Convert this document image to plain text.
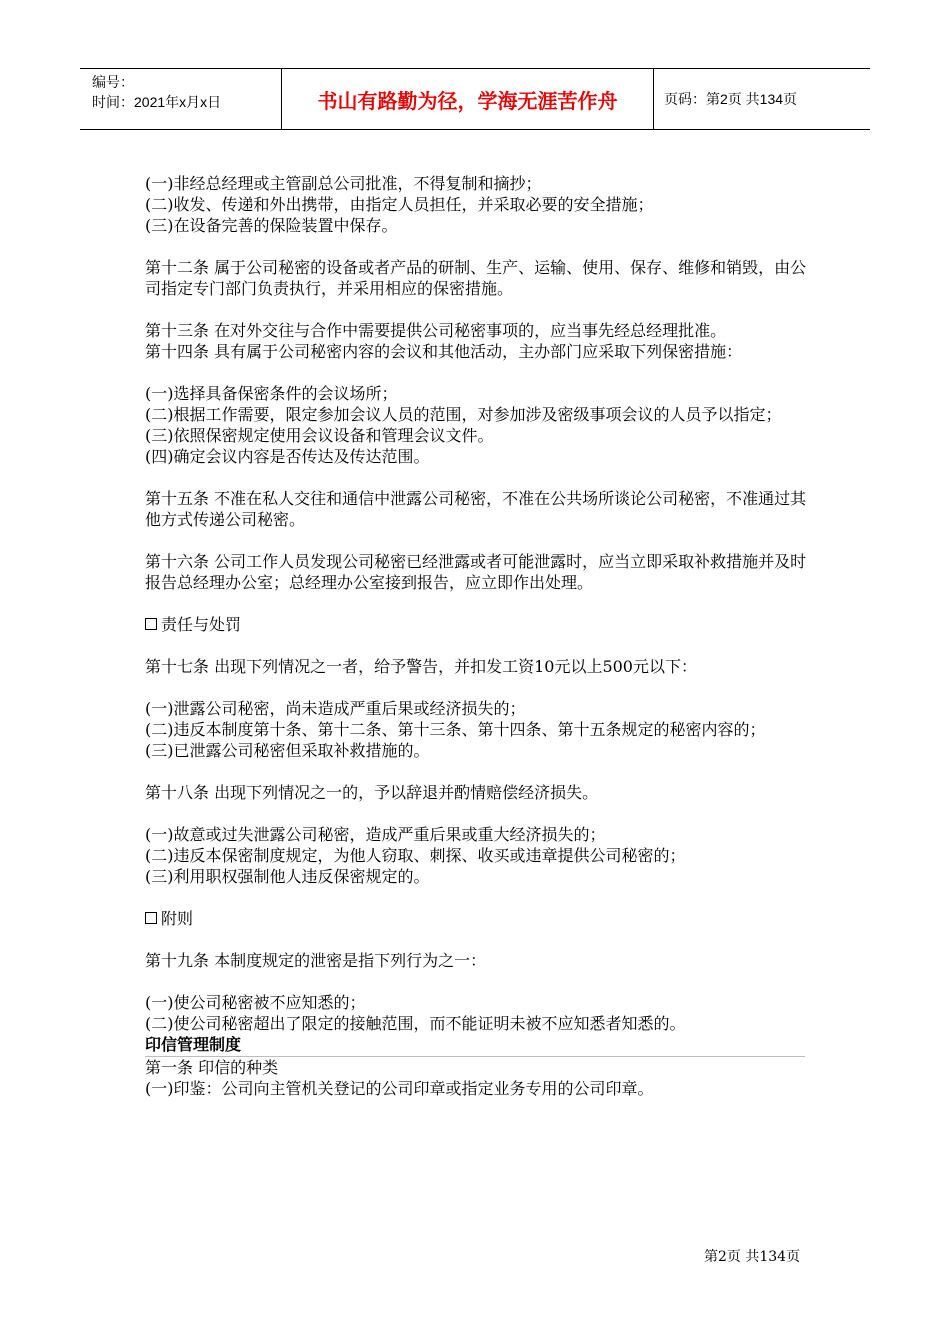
编号：
时间：2021年x月x日	书山有路勤为径，学海无涯苦作舟	页码：第2页 共134页

(一)非经总经理或主管副总公司批准，不得复制和摘抄；

(二)收发、传递和外出携带，由指定人员担任，并采取必要的安全措施；

(三)在设备完善的保险装置中保存。

第十二条 属于公司秘密的设备或者产品的研制、生产、运输、使用、保存、维修和销毁，由公司指定专门部门负责执行，并采用相应的保密措施。

第十三条 在对外交往与合作中需要提供公司秘密事项的，应当事先经总经理批准。

第十四条 具有属于公司秘密内容的会议和其他活动，主办部门应采取下列保密措施：

(一)选择具备保密条件的会议场所；

(二)根据工作需要，限定参加会议人员的范围，对参加涉及密级事项会议的人员予以指定；

(三)依照保密规定使用会议设备和管理会议文件。

(四)确定会议内容是否传达及传达范围。

第十五条 不准在私人交往和通信中泄露公司秘密，不准在公共场所谈论公司秘密，不准通过其他方式传递公司秘密。

第十六条 公司工作人员发现公司秘密已经泄露或者可能泄露时，应当立即采取补救措施并及时报告总经理办公室；总经理办公室接到报告，应立即作出处理。

责任与处罚

第十七条 出现下列情况之一者，给予警告，并扣发工资10元以上500元以下：

(一)泄露公司秘密，尚未造成严重后果或经济损失的；

(二)违反本制度第十条、第十二条、第十三条、第十四条、第十五条规定的秘密内容的；

(三)已泄露公司秘密但采取补救措施的。

第十八条 出现下列情况之一的，予以辞退并酌情赔偿经济损失。

(一)故意或过失泄露公司秘密，造成严重后果或重大经济损失的；

(二)违反本保密制度规定，为他人窃取、刺探、收买或违章提供公司秘密的；

(三)利用职权强制他人违反保密规定的。

附则

第十九条 本制度规定的泄密是指下列行为之一：

(一)使公司秘密被不应知悉的；

(二)使公司秘密超出了限定的接触范围，而不能证明未被不应知悉者知悉的。

印信管理制度

第一条 印信的种类

(一)印鉴：公司向主管机关登记的公司印章或指定业务专用的公司印章。

第2页 共134页
